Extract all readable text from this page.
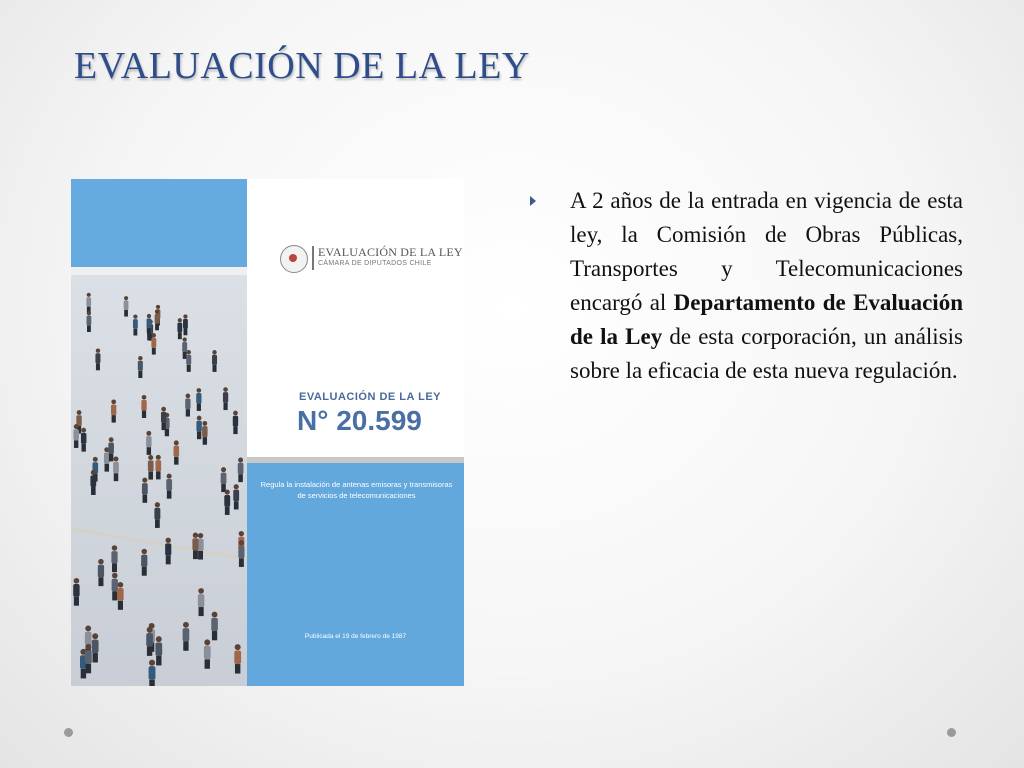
EVALUACIÓN DE LA LEY
EVALUACIÓN DE LA LEY
CÁMARA DE DIPUTADOS CHILE
EVALUACIÓN DE LA LEY
N° 20.599

Regula la instalación de antenas emisoras y transmisoras de servicios de telecomunicaciones

Publicada el 19 de febrero de 1987

A 2 años de la entrada en vigencia de esta ley, la Comisión de Obras Públicas, Transportes y Telecomunicaciones encargó al Departamento de Evaluación de la Ley de esta corporación, un análisis sobre la eficacia de esta nueva regulación.
